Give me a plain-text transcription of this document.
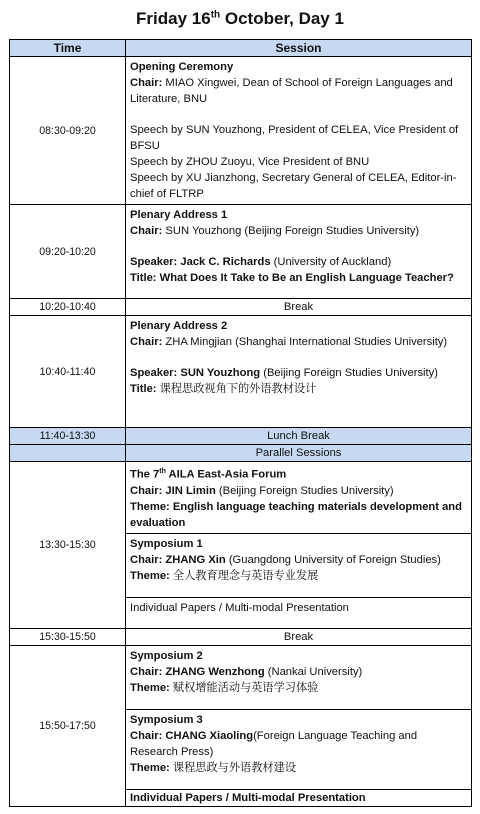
Friday 16th October, Day 1
Time	Session
08:30-09:20	Opening Ceremony
Chair: MIAO Xingwei, Dean of School of Foreign Languages and Literature, BNU
Speech by SUN Youzhong, President of CELEA, Vice President of BFSU
Speech by ZHOU Zuoyu, Vice President of BNU
Speech by XU Jianzhong, Secretary General of CELEA, Editor-in-chief of FLTRP

09:20-10:20	Plenary Address 1
Chair: SUN Youzhong (Beijing Foreign Studies University)
Speaker: Jack C. Richards (University of Auckland)
Title: What Does It Take to Be an English Language Teacher?

10:20-10:40	Break
10:40-11:40	Plenary Address 2
Chair: ZHA Mingjian (Shanghai International Studies University)
Speaker: SUN Youzhong (Beijing Foreign Studies University)
Title: 课程思政视角下的外语教材设计

11:40-13:30	Lunch Break
	Parallel Sessions
13:30-15:30	The 7th AILA East-Asia Forum
Chair: JIN Limin (Beijing Foreign Studies University)
Theme: English language teaching materials development and evaluation

	Symposium 1
Chair: ZHANG Xin (Guangdong University of Foreign Studies)
Theme: 全人教育理念与英语专业发展

	Individual Papers / Multi-modal Presentation

15:30-15:50	Break
15:50-17:50	Symposium 2
Chair: ZHANG Wenzhong (Nankai University)
Theme: 赋权增能活动与英语学习体验

	Symposium 3
Chair: CHANG Xiaoling(Foreign Language Teaching and Research Press)
Theme: 课程思政与外语教材建设

	Individual Papers / Multi-modal Presentation
